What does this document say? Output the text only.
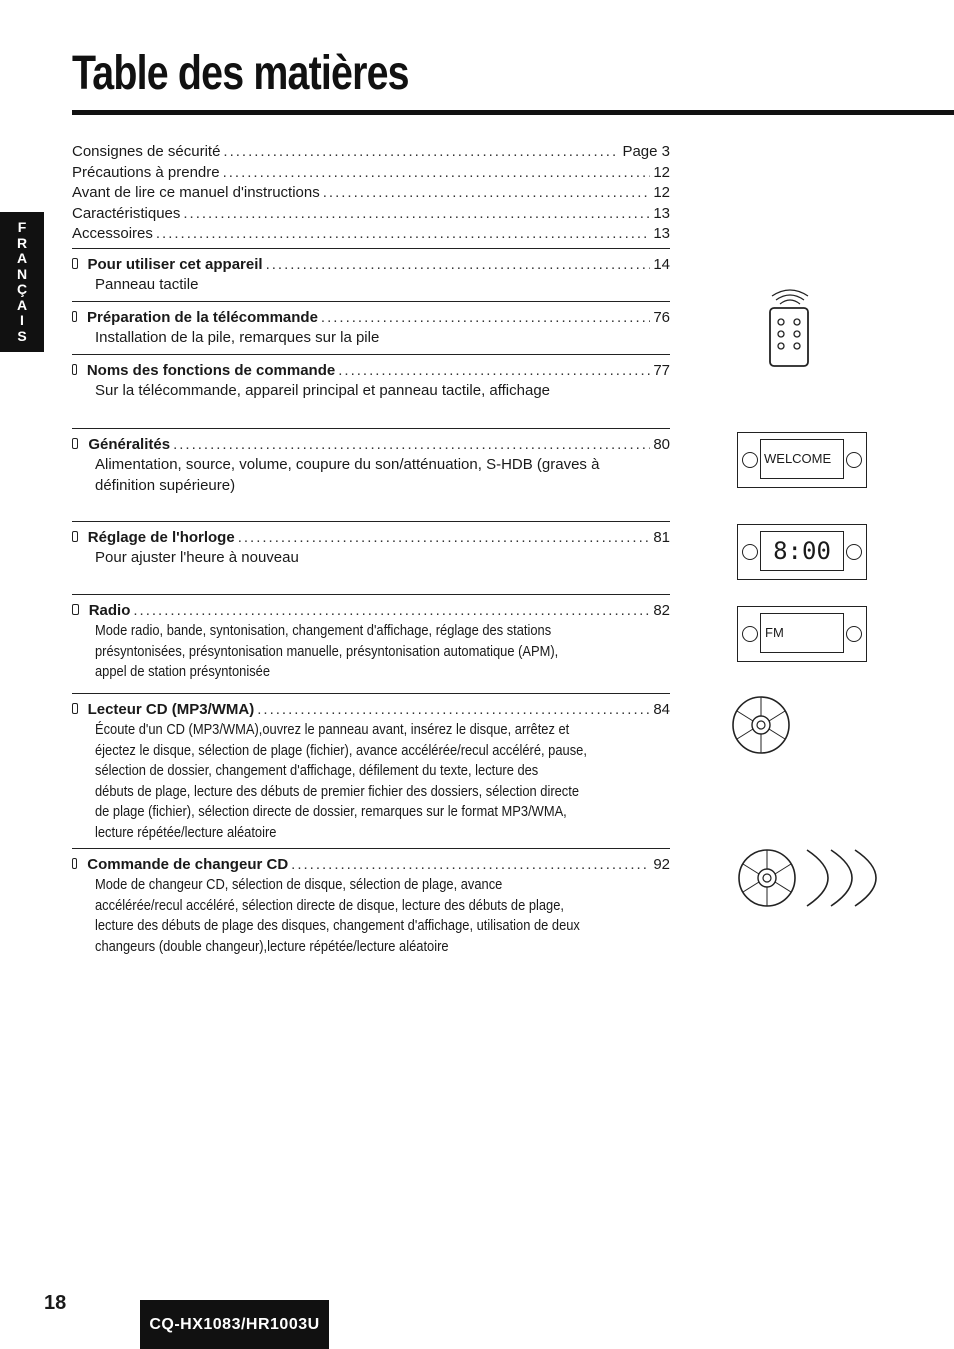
Table des matières
F
R
A
N
Ç
A
I
S
Consignes de sécurité .....	Page 3
Précautions à prendre .....	12
Avant de lire ce manuel d'instructions .....	12
Caractéristiques .....	13
Accessoires .....	13
Pour utiliser cet appareil .....	14
Panneau tactile
Préparation de la télécommande .....	76
Installation de la pile, remarques sur la pile
Noms des fonctions de commande .....	77
Sur la télécommande, appareil principal et panneau tactile, affichage
Généralités .....	80
Alimentation, source, volume, coupure du son/atténuation, S-HDB (graves à
définition supérieure)
Réglage de l'horloge .....	81
Pour ajuster l'heure à nouveau
Radio .....	82
Mode radio, bande, syntonisation, changement d'affichage, réglage des stations
présyntonisées, présyntonisation manuelle, présyntonisation automatique (APM),
appel de station présyntonisée
Lecteur CD (MP3/WMA) .....	84
Écoute d'un CD (MP3/WMA),ouvrez le panneau avant, insérez le disque, arrêtez et
éjectez le disque, sélection de plage (fichier), avance accélérée/recul accéléré, pause,
sélection de dossier, changement d'affichage, défilement du texte, lecture des
débuts de plage, lecture des débuts de premier fichier des dossiers, sélection directe
de plage (fichier), sélection directe de dossier, remarques sur le format MP3/WMA,
lecture répétée/lecture aléatoire
Commande de changeur CD .....	92
Mode de changeur CD, sélection de disque, sélection de plage, avance
accélérée/recul accéléré, sélection directe de disque, lecture des débuts de plage,
lecture des débuts de plage des disques, changement d'affichage, utilisation de deux
changeurs (double changeur),lecture répétée/lecture aléatoire
WELCOME
8:00
FM
18
CQ-HX1083/HR1003U
